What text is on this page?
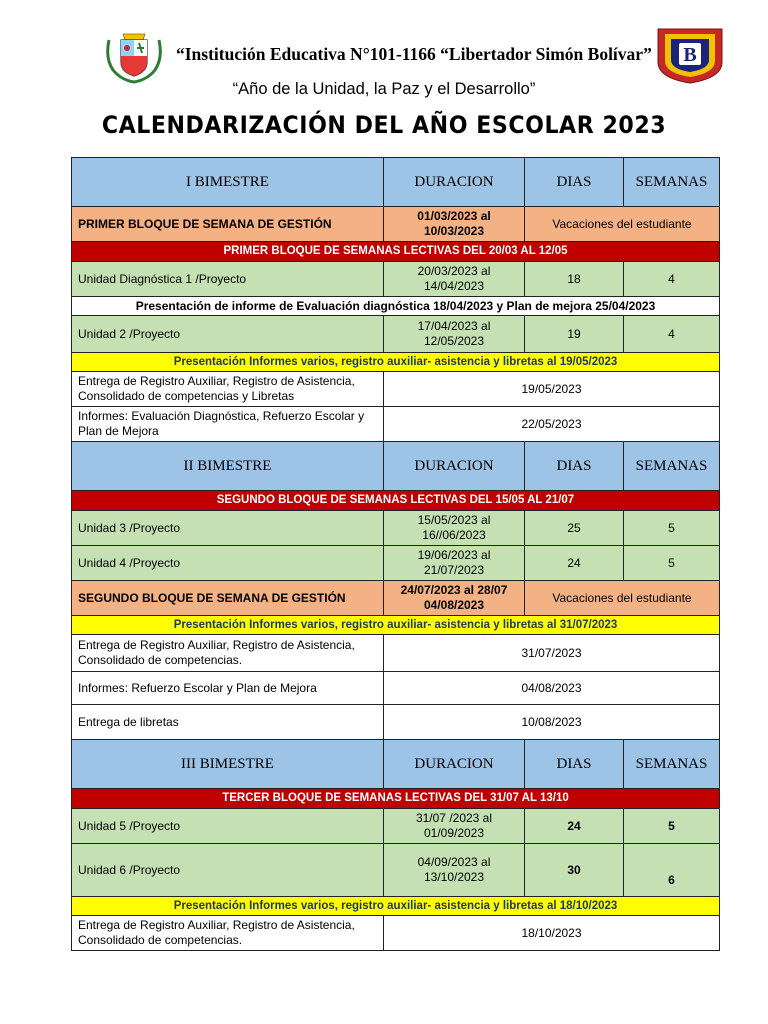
“Institución Educativa N°101-1166 “Libertador Simón Bolívar” B
“Año de la Unidad, la Paz y el Desarrollo”
CALENDARIZACIÓN DEL AÑO ESCOLAR 2023
I BIMESTRE	DURACION	DIAS	SEMANAS
PRIMER BLOQUE DE SEMANA DE GESTIÓN	01/03/2023 al 10/03/2023	Vacaciones del estudiante	
PRIMER BLOQUE DE SEMANAS LECTIVAS DEL 20/03 AL 12/05			
Unidad Diagnóstica 1 /Proyecto	20/03/2023 al 14/04/2023	18	4
Presentación de informe de Evaluación diagnóstica 18/04/2023 y Plan de mejora 25/04/2023			
Unidad 2 /Proyecto	17/04/2023 al 12/05/2023	19	4
Presentación Informes varios, registro auxiliar- asistencia y libretas al 19/05/2023			
Entrega de Registro Auxiliar, Registro de Asistencia, Consolidado de competencias y Libretas	19/05/2023		
Informes: Evaluación Diagnóstica, Refuerzo Escolar y Plan de Mejora	22/05/2023		
II BIMESTRE	DURACION	DIAS	SEMANAS
SEGUNDO BLOQUE DE SEMANAS LECTIVAS DEL 15/05 AL 21/07			
Unidad 3 /Proyecto	15/05/2023 al 16//06/2023	25	5
Unidad 4 /Proyecto	19/06/2023 al 21/07/2023	24	5
SEGUNDO BLOQUE DE SEMANA DE GESTIÓN	24/07/2023 al 28/07 04/08/2023	Vacaciones del estudiante	
Presentación Informes varios, registro auxiliar- asistencia y libretas al 31/07/2023			
Entrega de Registro Auxiliar, Registro de Asistencia, Consolidado de competencias.	31/07/2023		
Informes: Refuerzo Escolar y Plan de Mejora	04/08/2023		
Entrega de libretas	10/08/2023		
III BIMESTRE	DURACION	DIAS	SEMANAS
TERCER BLOQUE DE SEMANAS LECTIVAS DEL 31/07 AL 13/10			
Unidad 5 /Proyecto	31/07 /2023 al 01/09/2023	24	5
Unidad 6 /Proyecto	04/09/2023 al 13/10/2023	30	6
Presentación Informes varios, registro auxiliar- asistencia y libretas al 18/10/2023			
Entrega de Registro Auxiliar, Registro de Asistencia, Consolidado de competencias.	18/10/2023		
